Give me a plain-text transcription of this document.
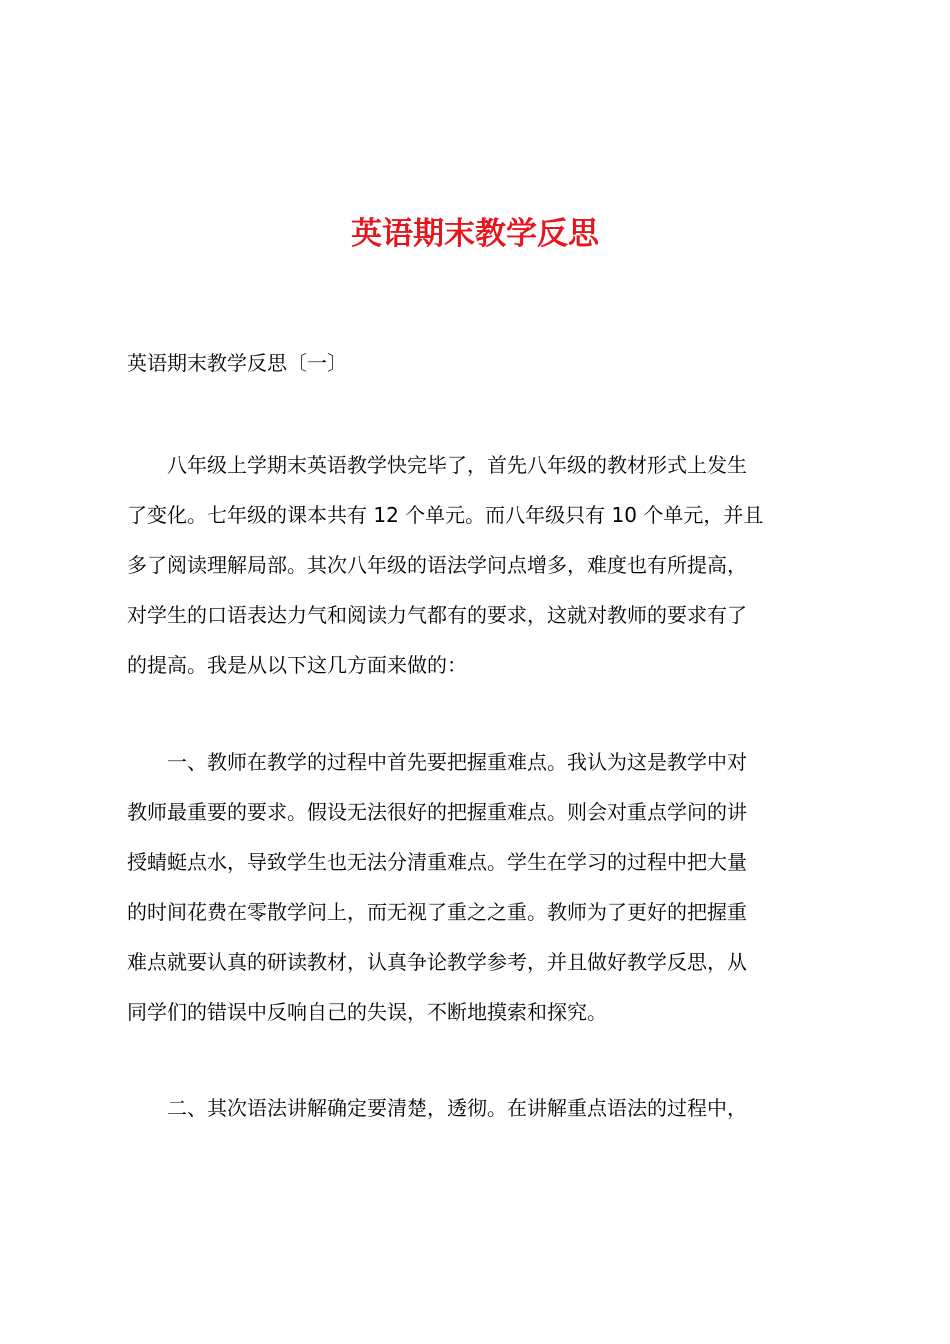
英语期末教学反思

英语期末教学反思〔一〕

　　八年级上学期末英语教学快完毕了，首先八年级的教材形式上发生
了变化。七年级的课本共有 12 个单元。而八年级只有 10 个单元，并且
多了阅读理解局部。其次八年级的语法学问点增多，难度也有所提高，
对学生的口语表达力气和阅读力气都有的要求，这就对教师的要求有了
的提高。我是从以下这几方面来做的：
　　一、教师在教学的过程中首先要把握重难点。我认为这是教学中对
教师最重要的要求。假设无法很好的把握重难点。则会对重点学问的讲
授蜻蜓点水，导致学生也无法分清重难点。学生在学习的过程中把大量
的时间花费在零散学问上，而无视了重之之重。教师为了更好的把握重
难点就要认真的研读教材，认真争论教学参考，并且做好教学反思，从
同学们的错误中反响自己的失误，不断地摸索和探究。
　　二、其次语法讲解确定要清楚，透彻。在讲解重点语法的过程中，
